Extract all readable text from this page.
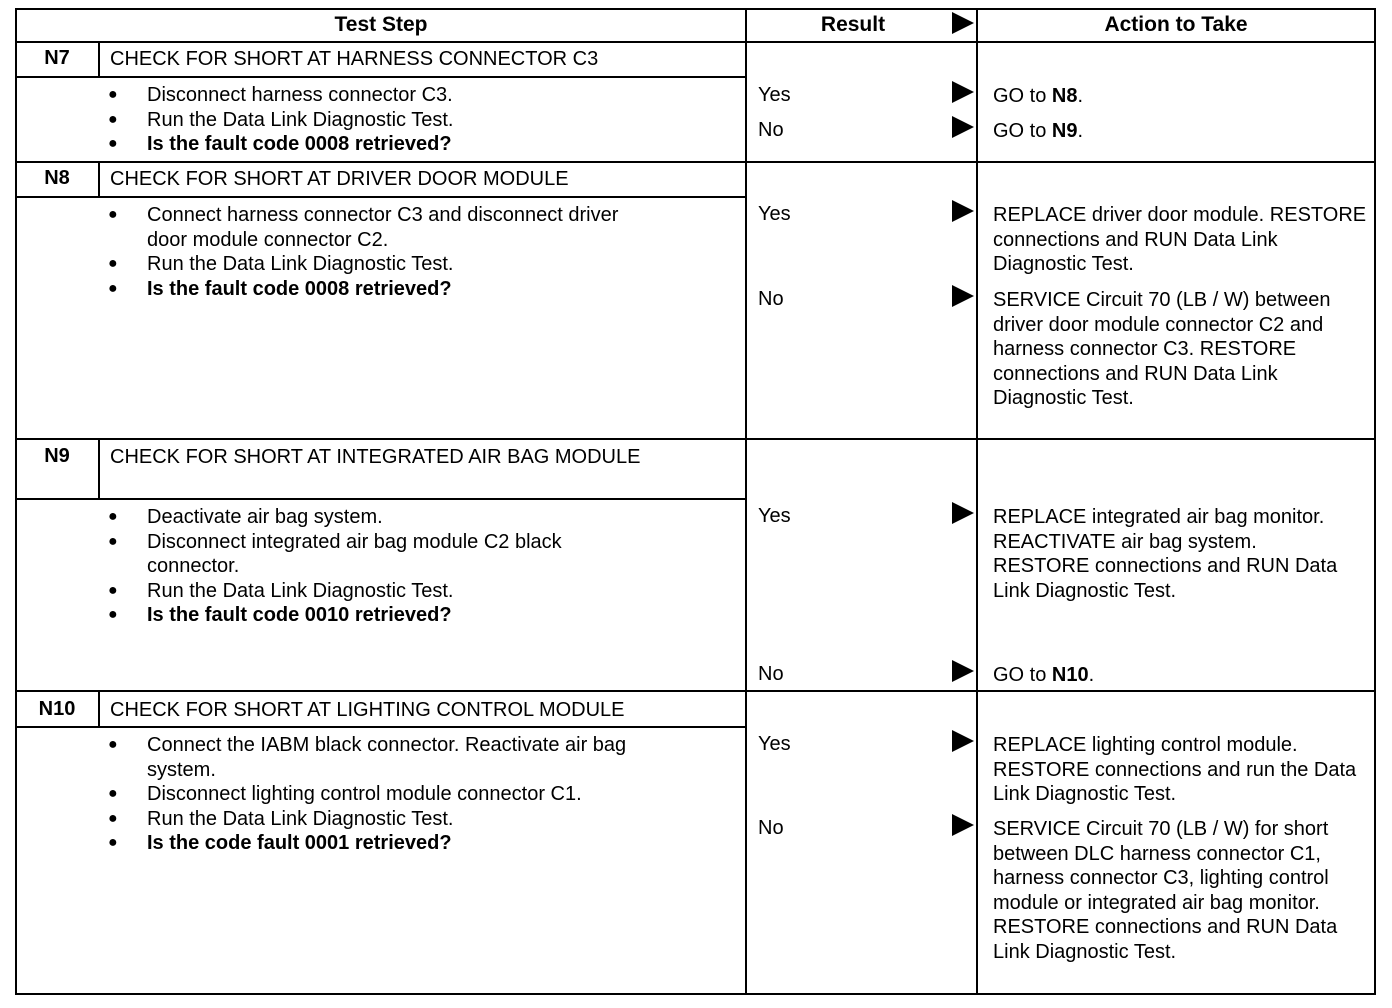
Test Step	Result	Action to Take
N7	CHECK FOR SHORT AT HARNESS CONNECTOR C3
● Disconnect harness connector C3.
● Run the Data Link Diagnostic Test.
● Is the fault code 0008 retrieved?
Yes	GO to N8.
No	GO to N9.
N8	CHECK FOR SHORT AT DRIVER DOOR MODULE
● Connect harness connector C3 and disconnect driver door module connector C2.
● Run the Data Link Diagnostic Test.
● Is the fault code 0008 retrieved?
Yes	REPLACE driver door module. RESTORE connections and RUN Data Link Diagnostic Test.
No	SERVICE Circuit 70 (LB / W) between driver door module connector C2 and harness connector C3. RESTORE connections and RUN Data Link Diagnostic Test.
N9	CHECK FOR SHORT AT INTEGRATED AIR BAG MODULE
● Deactivate air bag system.
● Disconnect integrated air bag module C2 black connector.
● Run the Data Link Diagnostic Test.
● Is the fault code 0010 retrieved?
Yes	REPLACE integrated air bag monitor. REACTIVATE air bag system. RESTORE connections and RUN Data Link Diagnostic Test.
No	GO to N10.
N10	CHECK FOR SHORT AT LIGHTING CONTROL MODULE
● Connect the IABM black connector. Reactivate air bag system.
● Disconnect lighting control module connector C1.
● Run the Data Link Diagnostic Test.
● Is the code fault 0001 retrieved?
Yes	REPLACE lighting control module. RESTORE connections and run the Data Link Diagnostic Test.
No	SERVICE Circuit 70 (LB / W) for short between DLC harness connector C1, harness connector C3, lighting control module or integrated air bag monitor. RESTORE connections and RUN Data Link Diagnostic Test.
